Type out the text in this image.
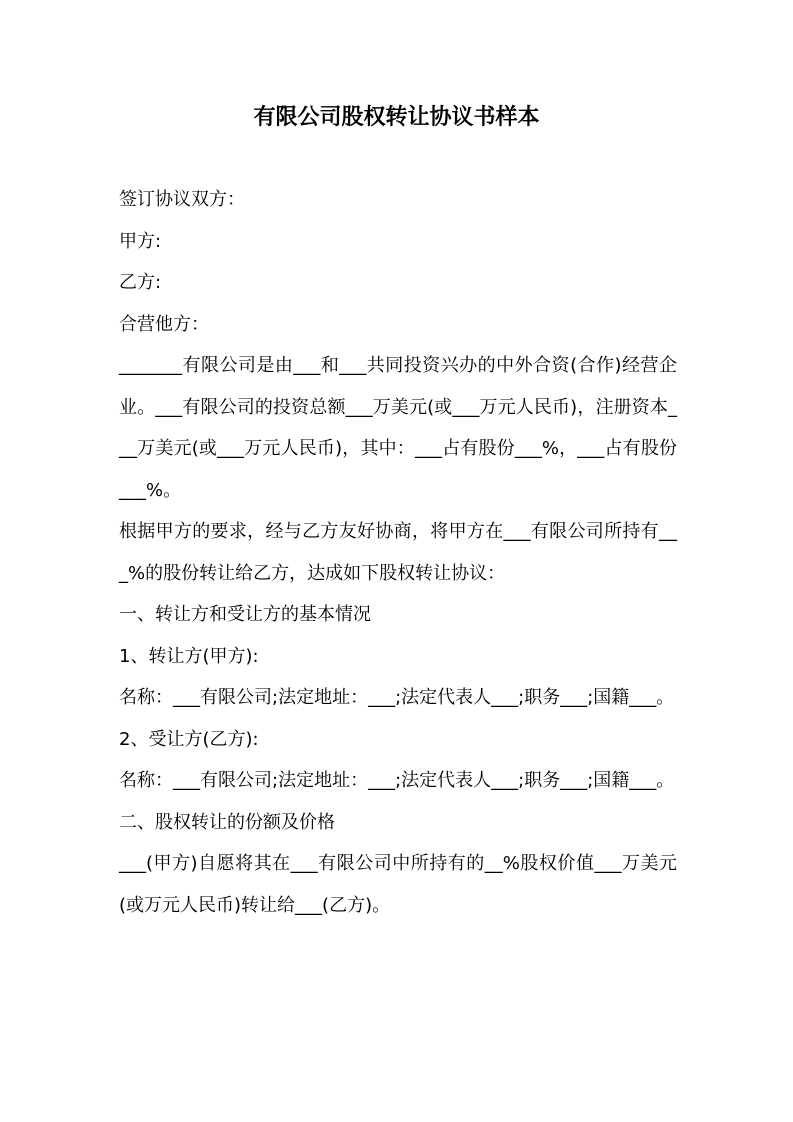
有限公司股权转让协议书样本

签订协议双方：

甲方:

乙方:

合营他方：

_______有限公司是由___和___共同投资兴办的中外合资(合作)经营企业。___有限公司的投资总额___万美元(或___万元人民币)，注册资本___万美元(或___万元人民币)，其中：___占有股份___%，___占有股份___%。

根据甲方的要求，经与乙方友好协商，将甲方在___有限公司所持有___%的股份转让给乙方，达成如下股权转让协议：

一、转让方和受让方的基本情况

1、转让方(甲方):

名称：___有限公司;法定地址：___;法定代表人___;职务___;国籍___。

2、受让方(乙方):

名称：___有限公司;法定地址：___;法定代表人___;职务___;国籍___。

二、股权转让的份额及价格

___(甲方)自愿将其在___有限公司中所持有的__%股权价值___万美元(或万元人民币)转让给___(乙方)。
